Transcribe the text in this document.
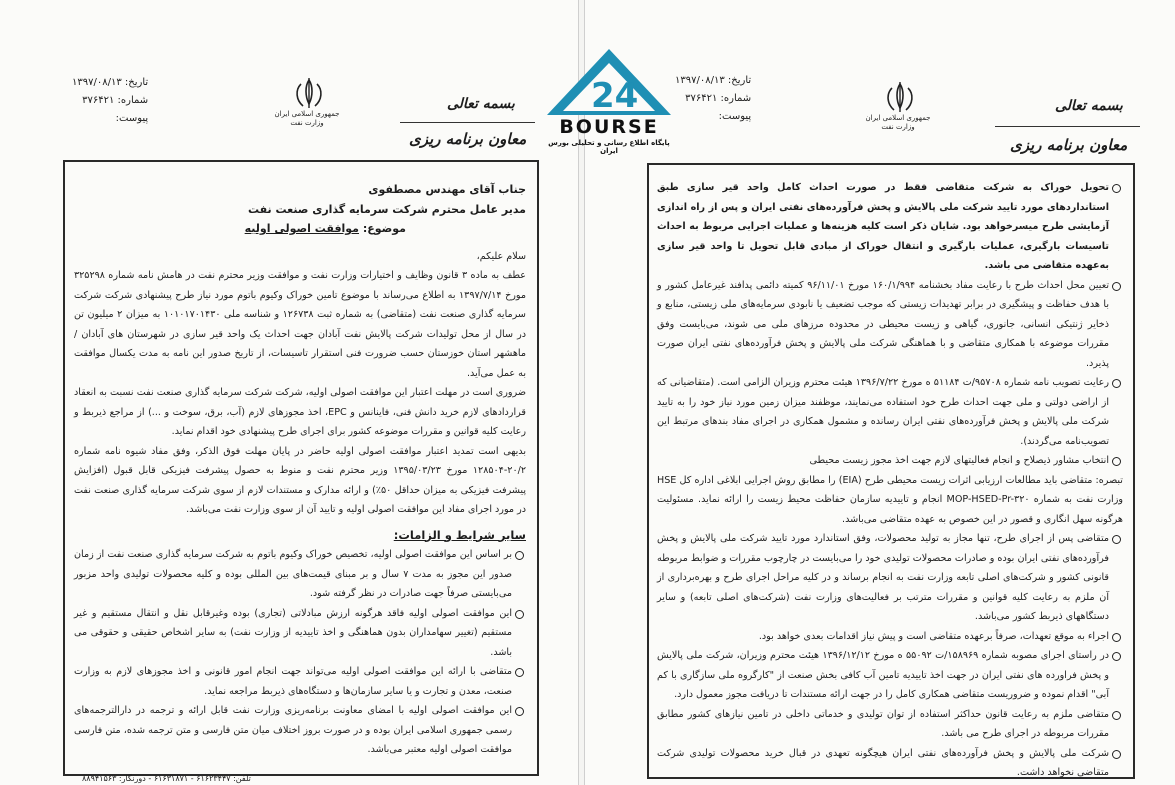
تاریخ: ۱۳۹۷/۰۸/۱۳
شماره: ۳۷۶۴۲۱
پیوست:	جمهوری اسلامی ایران
وزارت نفت
بسمه تعالی
معاون برنامه ریزی

جناب آقای مهندس مصطفوی

مدیر عامل محترم شرکت سرمایه گذاری صنعت نفت

موضوع: موافقت اصولی اولیه

سلام علیکم،

عطف به ماده ۳ قانون وظایف و اختیارات وزارت نفت و موافقت وزیر محترم نفت در هامش نامه شماره ۳۲۵۲۹۸ مورخ ۱۳۹۷/۷/۱۴ به اطلاع می‌رساند با موضوع تامین خوراک وکیوم باتوم مورد نیاز طرح پیشنهادی شرکت شرکت سرمایه گذاری صنعت نفت (متقاضی) به شماره ثبت ۱۲۶۷۳۸ و شناسه ملی ۱۰۱۰۱۷۰۱۴۳۰ به میزان ۲ میلیون تن در سال از محل تولیدات شرکت پالایش نفت آبادان جهت احداث یک واحد قیر سازی در شهرستان های آبادان / ماهشهر استان خوزستان حسب ضرورت فنی استقرار تاسیسات، از تاریخ صدور این نامه به مدت یکسال موافقت به عمل می‌آید.

ضروری است در مهلت اعتبار این موافقت اصولی اولیه، شرکت شرکت سرمایه گذاری صنعت نفت نسبت به انعقاد قراردادهای لازم خرید دانش فنی، فاینانس و EPC، اخذ مجوزهای لازم (آب، برق، سوخت و ...) از مراجع ذیربط و رعایت کلیه قوانین و مقررات موضوعه کشور برای اجرای طرح پیشنهادی خود اقدام نماید.

بدیهی است تمدید اعتبار موافقت اصولی اولیه حاضر در پایان مهلت فوق الذکر، وفق مفاد شیوه نامه شماره ۲۰/۲-۱۲۸۵۰۴ مورخ ۱۳۹۵/۰۳/۲۳ وزیر محترم نفت و منوط به حصول پیشرفت فیزیکی قابل قبول (افزایش پیشرفت فیزیکی به میزان حداقل ۵۰٪) و ارائه مدارک و مستندات لازم از سوی شرکت سرمایه گذاری صنعت نفت در مورد اجرای مفاد این موافقت اصولی اولیه و تایید آن از سوی وزارت نفت می‌باشد.

سایر شرایط و الزامات:

بر اساس این موافقت اصولی اولیه، تخصیص خوراک وکیوم باتوم به شرکت سرمایه گذاری صنعت نفت از زمان صدور این مجوز به مدت ۷ سال و بر مبنای قیمت‌های بین المللی بوده و کلیه محصولات تولیدی واحد مزبور می‌بایستی صرفاً جهت صادرات در نظر گرفته شود.

این موافقت اصولی اولیه فاقد هرگونه ارزش مبادلاتی (تجاری) بوده وغیرقابل نقل و انتقال مستقیم و غیر مستقیم (تغییر سهامداران بدون هماهنگی و اخذ تاییدیه از وزارت نفت) به سایر اشخاص حقیقی و حقوقی می باشد.

متقاضی با ارائه این موافقت اصولی اولیه می‌تواند جهت انجام امور قانونی و اخذ مجوزهای لازم به وزارت صنعت، معدن و تجارت و یا سایر سازمان‌ها و دستگاه‌های ذیربط مراجعه نماید.

این موافقت اصولی اولیه با امضای معاونت برنامه‌ریزی وزارت نفت قابل ارائه و ترجمه در دارالترجمه‌های رسمی جمهوری اسلامی ایران بوده و در صورت بروز اختلاف میان متن فارسی و متن ترجمه شده، متن فارسی موافقت اصولی اولیه معتبر می‌باشد.

تلفن: ۶۱۶۲۳۴۴۷ - ۶۱۶۳۱۸۷۱ - دورنگار: ۸۸۹۴۱۵۶۳
تاریخ: ۱۳۹۷/۰۸/۱۳
شماره: ۳۷۶۴۲۱
پیوست:	جمهوری اسلامی ایران
وزارت نفت
بسمه تعالی
معاون برنامه ریزی

تحویل خوراک به شرکت متقاضی فقط در صورت احداث کامل واحد قیر سازی طبق استانداردهای مورد تایید شرکت ملی پالایش و پخش فرآورده‌های نفتی ایران و پس از راه اندازی آزمایشی طرح میسرخواهد بود. شایان ذکر است کلیه هزینه‌ها و عملیات اجرایی مربوط به احداث تاسیسات بارگیری، عملیات بارگیری و انتقال خوراک از مبادی قابل تحویل تا واحد قیر سازی به‌عهده متقاضی می باشد.

تعیین محل احداث طرح با رعایت مفاد بخشنامه ۱۶۰/۱/۹۹۴ مورخ ۹۶/۱۱/۰۱ کمیته دائمی پدافند غیرعامل کشور و با هدف حفاظت و پیشگیری در برابر تهدیدات زیستی که موجب تضعیف یا نابودی سرمایه‌های ملی زیستی، منابع و ذخایر ژنتیکی انسانی، جانوری، گیاهی و زیست محیطی در محدوده مرزهای ملی می شوند، می‌بایست وفق مقررات موضوعه با همکاری متقاضی و با هماهنگی شرکت ملی پالایش و پخش فرآورده‌های نفتی ایران صورت پذیرد.

رعایت تصویب نامه شماره ۹۵۷۰۸/ت ۵۱۱۸۴ ه مورخ ۱۳۹۶/۷/۲۲ هیئت محترم وزیران الزامی است. (متقاضیانی که از اراضی دولتی و ملی جهت احداث طرح خود استفاده می‌نمایند، موظفند میزان زمین مورد نیاز خود را به تایید شرکت ملی پالایش و پخش فرآورده‌های نفتی ایران رسانده و مشمول همکاری در اجرای مفاد بندهای مرتبط این تصویب‌نامه می‌گردند).

انتخاب مشاور ذیصلاح و انجام فعالیتهای لازم جهت اخذ مجوز زیست محیطی

تبصره: متقاضی باید مطالعات ارزیابی اثرات زیست محیطی طرح (EIA) را مطابق روش اجرایی ابلاغی اداره کل HSE وزارت نفت به شماره MOP-HSED-Pr-۳۲۰ انجام و تاییدیه سازمان حفاظت محیط زیست را ارائه نماید. مسئولیت هرگونه سهل انگاری و قصور در این خصوص به عهده متقاضی می‌باشد.

متقاضی پس از اجرای طرح، تنها مجاز به تولید محصولات، وفق استاندارد مورد تایید شرکت ملی پالایش و پخش فرآورده‌های نفتی ایران بوده و صادرات محصولات تولیدی خود را می‌بایست در چارچوب مقررات و ضوابط مربوطه قانونی کشور و شرکت‌های اصلی تابعه وزارت نفت به انجام برساند و در کلیه مراحل اجرای طرح و بهره‌برداری از آن ملزم به رعایت کلیه قوانین و مقررات مترتب بر فعالیت‌های وزارت نفت (شرکت‌های اصلی تابعه) و سایر دستگاههای ذیربط کشور می‌باشد.

اجراء به موقع تعهدات، صرفاً برعهده متقاضی است و پیش نیاز اقدامات بعدی خواهد بود.

در راستای اجرای مصوبه شماره ۱۵۸۹۶۹/ت ۵۵۰۹۲ ه مورخ ۱۳۹۶/۱۲/۱۲ هیئت محترم وزیران، شرکت ملی پالایش و پخش فراورده های نفتی ایران در جهت اخذ تاییدیه تامین آب کافی بخش صنعت از "کارگروه ملی سازگاری با کم آبی" اقدام نموده و ضروریست متقاضی همکاری کامل را در جهت ارائه مستندات تا دریافت مجوز معمول دارد.

متقاضی ملزم به رعایت قانون حداکثر استفاده از توان تولیدی و خدماتی داخلی در تامین نیازهای کشور مطابق مقررات مربوطه در اجرای طرح می باشد.

شرکت ملی پالایش و پخش فرآورده‌های نفتی ایران هیچگونه تعهدی در قبال خرید محصولات تولیدی شرکت متقاضی نخواهد داشت.

24
BOURSE
پایگاه اطلاع رسانی و تحلیلی بورس ایران
